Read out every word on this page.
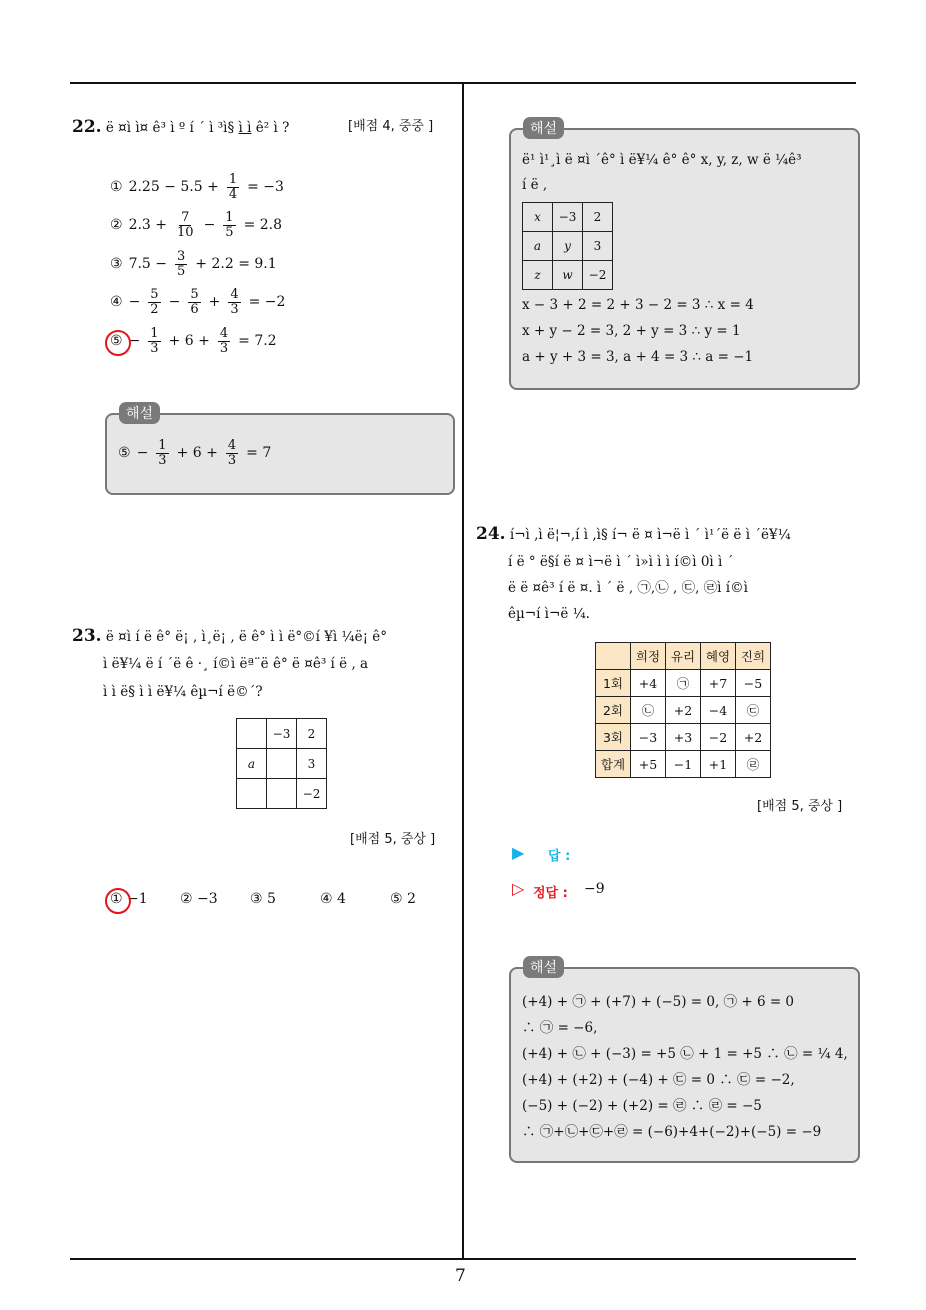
7
22. ë ¤ì ì¤ ê³ ì º í ´ ì ³ì§ ì ì ê² ì ?	[배점 4, 중중 ]
① $2.25 - 5.5 + \frac{1}{4} = -3$
② $2.3 + \frac{7}{10} - \frac{1}{5} = 2.8$
③ $7.5 - \frac{3}{5} + 2.2 = 9.1$
④ − $\frac{5}{2} - \frac{5}{6} + \frac{4}{3} = -2$
⑤ − $\frac{1}{3} + 6 + \frac{4}{3} = 7.2$
해설
⑤ − $\frac{1}{3} + 6 + \frac{4}{3} = 7$
23. ë ¤ì í ë ê° ë¡ , ì¸ë¡ , ë ê° ì ì ë°©í ¥ì ¼ë¡ ê°
ì ë¥¼ ë í ´ë ê ·¸ í©ì ëª¨ë ê° ë ¤ê³ í ë , a
ì ì ë§ ì ì ë¥¼ êµ¬í ë©´?
	−3	2
a		3
		−2
[배점 5, 중상 ]
① −1 ② −3 ③ 5	④ 4	⑤ 2
해설
ë¹ ì¹¸ì ë ¤ì ´ê° ì ë¥¼ ê° ê° x, y, z, w ë ¼ê³
í ë ,
x	−3	2
a	y	3
z	w	−2
x − 3 + 2 = 2 + 3 − 2 = 3 ∴ x = 4
x + y − 2 = 3, 2 + y = 3 ∴ y = 1
a + y + 3 = 3, a + 4 = 3 ∴ a = −1
24. í¬ì ,ì ë¦¬,í ì ,ì§ í¬ ë ¤ ì¬ë ì ´ ì¹´ë ë ì ´ë¥¼
í ë ° ë§í ë ¤ ì¬ë ì ´ ì»ì ì ì í©ì 0ì ì ´
ë ë ¤ê³ í ë ¤. ì ´ ë , ㉠,㉡ , ㉢, ㉣ì í©ì
êµ¬í ì¬ë ¼.
	희정	유리	혜영	진희
1회	+4	㉠	+7	−5
2회	㉡	+2	−4	㉢
3회	−3	+3	−2	+2
합계	+5	−1	+1	㉣
[배점 5, 중상 ]
▶ 답 :
▷ 정답 : −9
해설
(+4) + ㉠ + (+7) + (−5) = 0, ㉠ + 6 = 0
∴ ㉠ = −6,
(+4) + ㉡ + (−3) = +5 ㉡ + 1 = +5 ∴ ㉡ = ¼ 4,
(+4) + (+2) + (−4) + ㉢ = 0 ∴ ㉢ = −2,
(−5) + (−2) + (+2) = ㉣ ∴ ㉣ = −5
∴ ㉠+㉡+㉢+㉣ = (−6)+4+(−2)+(−5) = −9
